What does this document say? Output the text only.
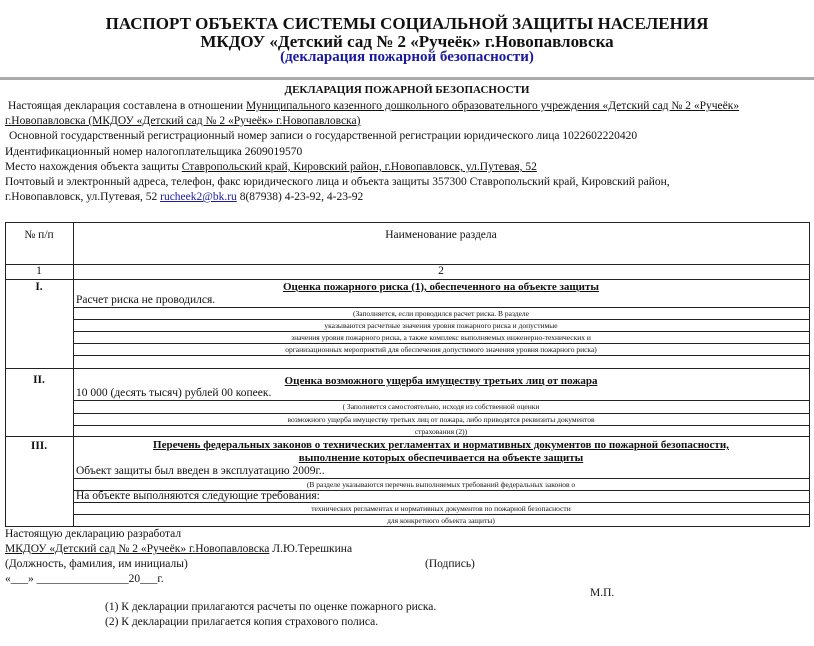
ПАСПОРТ ОБЪЕКТА СИСТЕМЫ СОЦИАЛЬНОЙ ЗАЩИТЫ НАСЕЛЕНИЯ
МКДОУ «Детский сад № 2 «Ручеёк» г.Новопавловска
(декларация пожарной безопасности)
ДЕКЛАРАЦИЯ ПОЖАРНОЙ БЕЗОПАСНОСТИ
Настоящая декларация составлена в отношении Муниципального казенного дошкольного образовательного учреждения «Детский сад № 2 «Ручеёк»
г.Новопавловска (МКДОУ «Детский сад № 2 «Ручеёк» г.Новопавловска)
Основной государственный регистрационный номер записи о государственной регистрации юридического лица 1022602220420
Идентификационный номер налогоплательщика 2609019570
Место нахождения объекта защиты Ставропольский край, Кировский район, г.Новопавловск, ул.Путевая, 52
Почтовый и электронный адреса, телефон, факс юридического лица и объекта защиты 357300 Ставропольский край, Кировский район,
г.Новопавловск, ул.Путевая, 52 rucheek2@bk.ru 8(87938) 4-23-92, 4-23-92
№ п/п	Наименование раздела
1	2
I.	Оценка пожарного риска (1), обеспеченного на объекте защиты
Расчет риска не проводился.
(Заполняется, если проводился расчет риска. В разделе
указываются расчетные значения уровня пожарного риска и допустимые
значения уровня пожарного риска, а также комплекс выполняемых инженерно-технических и
организационных мероприятий для обеспечения допустимого значения уровня пожарного риска)
II.	Оценка возможного ущерба имуществу третьих лиц от пожара
10 000 (десять тысяч) рублей 00 копеек.
( Заполняется самостоятельно, исходя из собственной оценки
возможного ущерба имуществу третьих лиц от пожара, либо приводятся реквизиты документов
страхования (2))
III.	Перечень федеральных законов о технических регламентах и нормативных документов по пожарной безопасности,
выполнение которых обеспечивается на объекте защиты
Объект защиты был введен в эксплуатацию 2009г..
(В разделе указываются перечень выполняемых требований федеральных законов о
На объекте выполняются следующие требования:
технических регламентах и нормативных документов по пожарной безопасности
для конкретного объекта защиты)
Настоящую декларацию разработал
МКДОУ «Детский сад № 2 «Ручеёк» г.Новопавловска Л.Ю.Терешкина
(Должность, фамилия, им инициалы)	(Подпись)
«___» ________________20___г.
М.П.
(1) К декларации прилагаются расчеты по оценке пожарного риска.
(2) К декларации прилагается копия страхового полиса.
